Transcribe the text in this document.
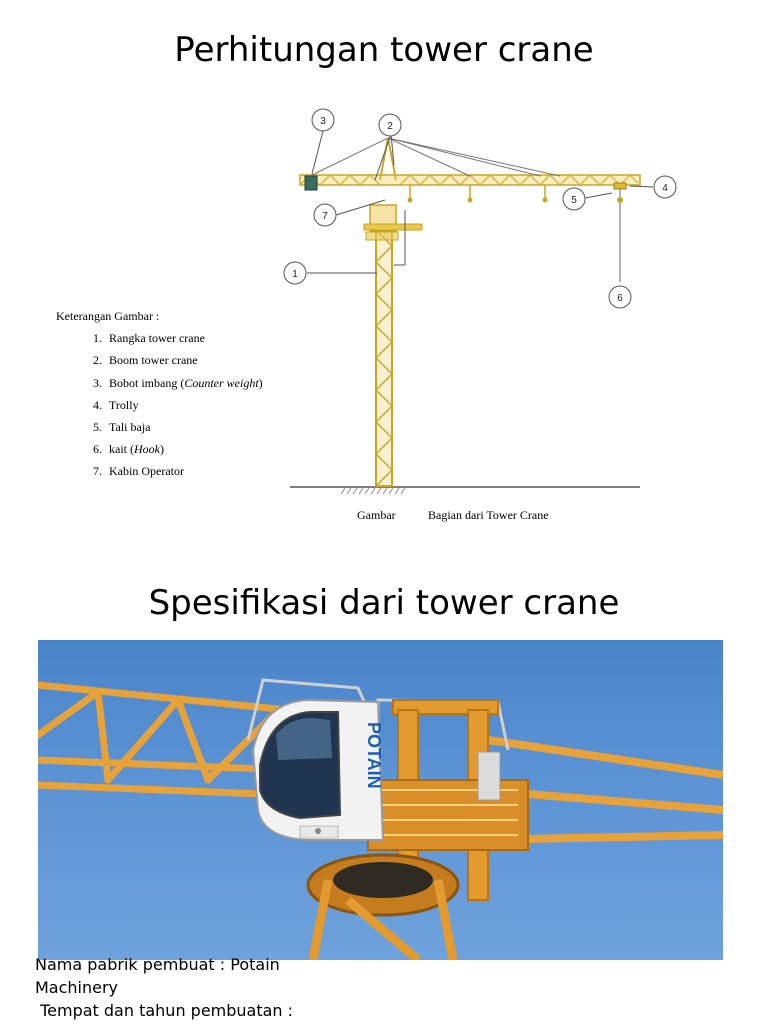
Perhitungan tower crane
1
2
3
4
5
6
7
Gambar	Bagian dari Tower Crane
Keterangan Gambar :
1. Rangka tower crane
2. Boom tower crane
3. Bobot imbang (Counter weight)
4. Trolly
5. Tali baja
6. kait (Hook)
7. Kabin Operator
Spesifikasi dari tower crane
POTAIN
Nama pabrik pembuat : Potain Machinery
Tempat dan tahun pembuatan :
